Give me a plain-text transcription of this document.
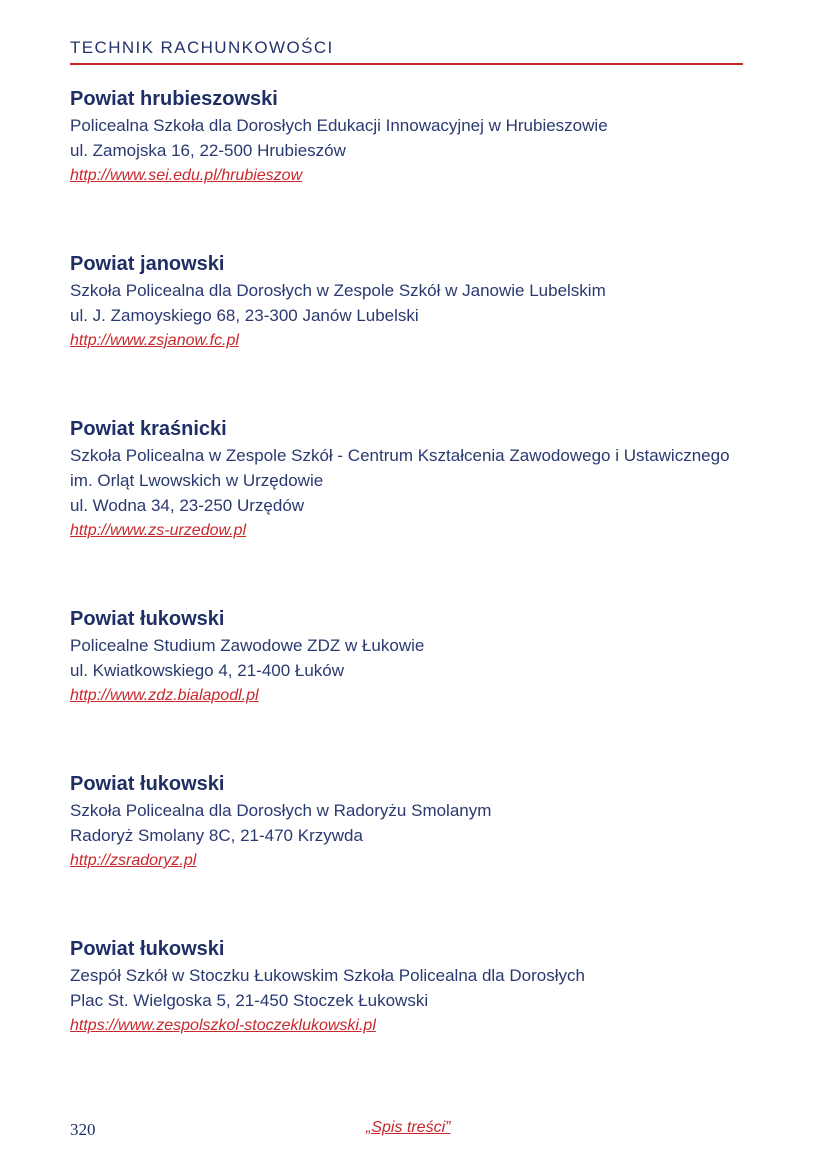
TECHNIK RACHUNKOWOŚCI
Powiat hrubieszowski
Policealna Szkoła dla Dorosłych Edukacji Innowacyjnej w Hrubieszowie
ul. Zamojska 16, 22-500 Hrubieszów
http://www.sei.edu.pl/hrubieszow
Powiat janowski
Szkoła Policealna dla Dorosłych w Zespole Szkół w Janowie Lubelskim
ul. J. Zamoyskiego 68, 23-300 Janów Lubelski
http://www.zsjanow.fc.pl
Powiat kraśnicki
Szkoła Policealna w Zespole Szkół - Centrum Kształcenia Zawodowego i Ustawicznego
im. Orląt Lwowskich w Urzędowie
ul. Wodna 34, 23-250 Urzędów
http://www.zs-urzedow.pl
Powiat łukowski
Policealne Studium Zawodowe ZDZ w Łukowie
ul. Kwiatkowskiego 4, 21-400 Łuków
http://www.zdz.bialapodl.pl
Powiat łukowski
Szkoła Policealna dla Dorosłych w Radoryżu Smolanym
Radoryż Smolany 8C, 21-470 Krzywda
http://zsradoryz.pl
Powiat łukowski
Zespół Szkół w Stoczku Łukowskim Szkoła Policealna dla Dorosłych
Plac St. Wielgoska 5, 21-450 Stoczek Łukowski
https://www.zespolszkol-stoczeklukowski.pl
320	„Spis treści”
